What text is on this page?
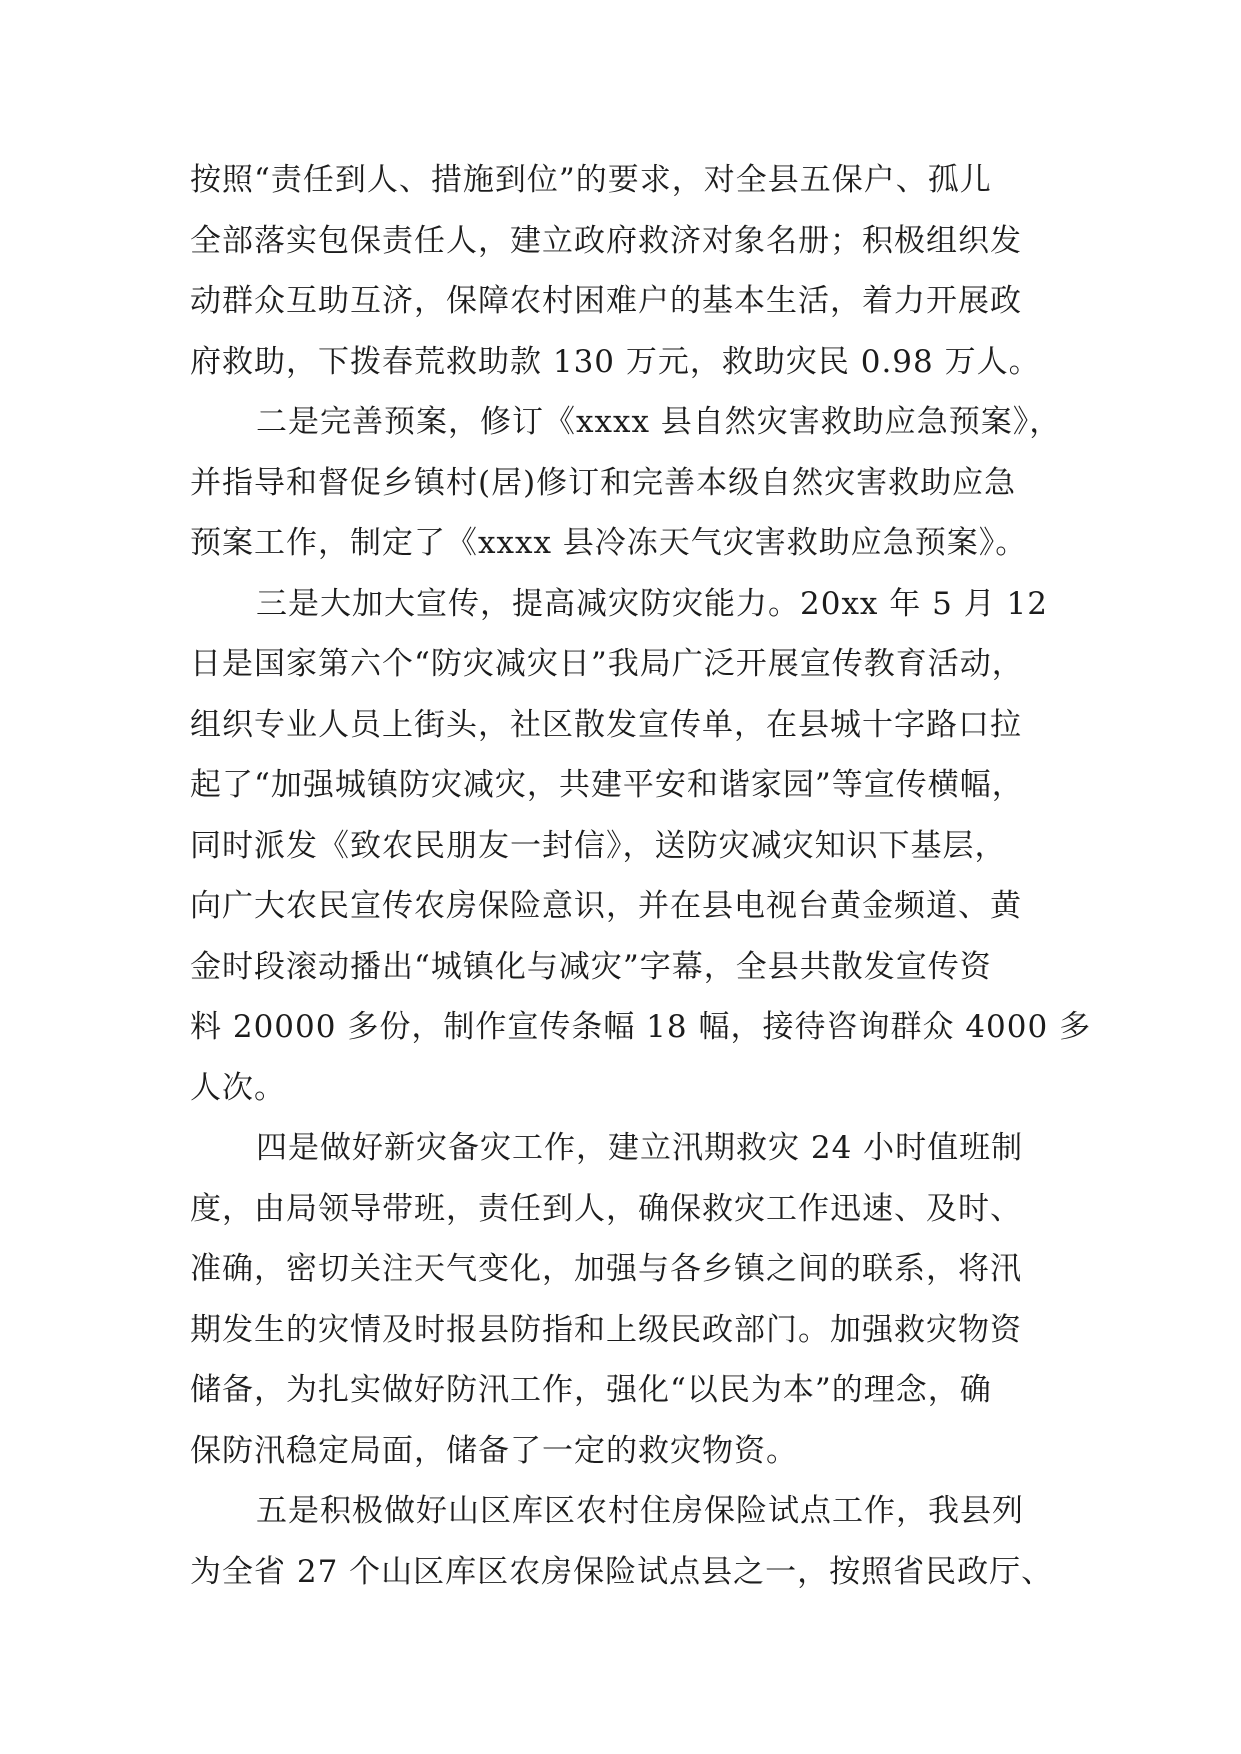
按照“责任到人、措施到位”的要求，对全县五保户、孤儿
全部落实包保责任人，建立政府救济对象名册；积极组织发
动群众互助互济，保障农村困难户的基本生活，着力开展政
府救助，下拨春荒救助款 130 万元，救助灾民 0.98 万人。
二是完善预案，修订《xxxx 县自然灾害救助应急预案》，
并指导和督促乡镇村(居)修订和完善本级自然灾害救助应急
预案工作，制定了《xxxx 县冷冻天气灾害救助应急预案》。
三是大加大宣传，提高减灾防灾能力。20xx 年 5 月 12
日是国家第六个“防灾减灾日”我局广泛开展宣传教育活动，
组织专业人员上街头，社区散发宣传单，在县城十字路口拉
起了“加强城镇防灾减灾，共建平安和谐家园”等宣传横幅，
同时派发《致农民朋友一封信》，送防灾减灾知识下基层，
向广大农民宣传农房保险意识，并在县电视台黄金频道、黄
金时段滚动播出“城镇化与减灾”字幕，全县共散发宣传资
料 20000 多份，制作宣传条幅 18 幅，接待咨询群众 4000 多
人次。
四是做好新灾备灾工作，建立汛期救灾 24 小时值班制
度，由局领导带班，责任到人，确保救灾工作迅速、及时、
准确，密切关注天气变化，加强与各乡镇之间的联系，将汛
期发生的灾情及时报县防指和上级民政部门。加强救灾物资
储备，为扎实做好防汛工作，强化“以民为本”的理念，确
保防汛稳定局面，储备了一定的救灾物资。
五是积极做好山区库区农村住房保险试点工作，我县列
为全省 27 个山区库区农房保险试点县之一，按照省民政厅、
